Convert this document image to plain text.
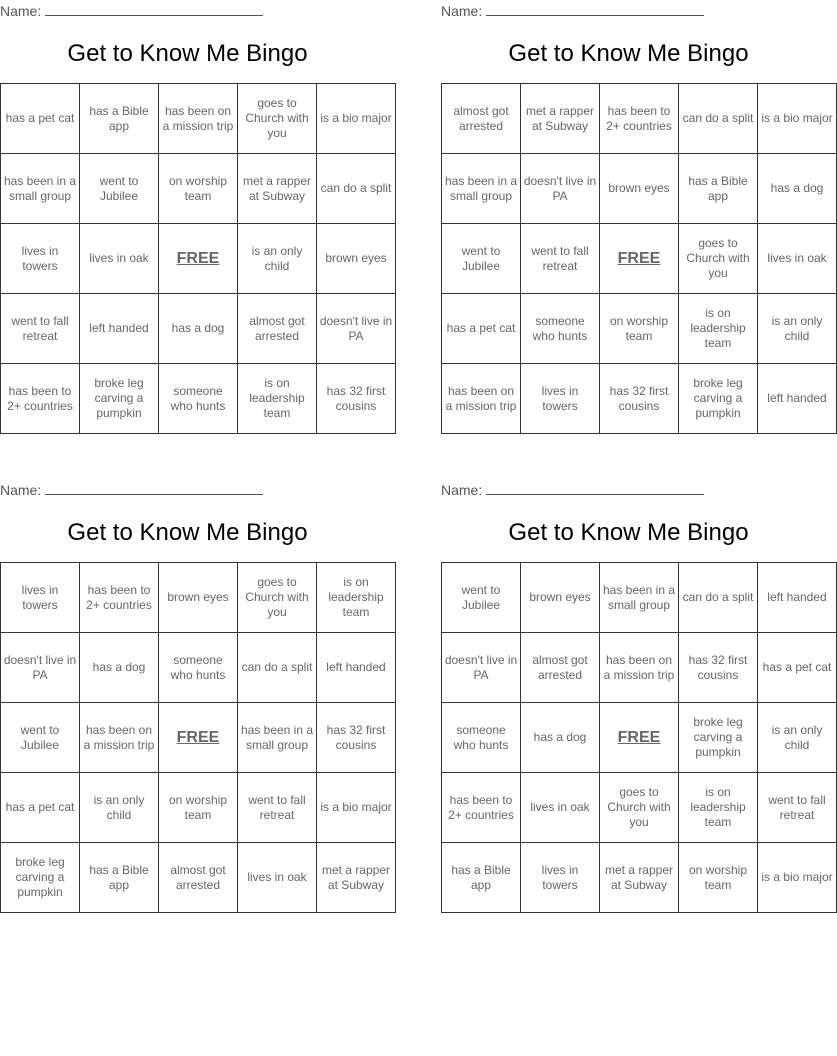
Name:
Get to Know Me Bingo
has a pet cat	has a Bible app	has been on a mission trip	goes to Church with you	is a bio major
has been in a small group	went to Jubilee	on worship team	met a rapper at Subway	can do a split
lives in towers	lives in oak	FREE	is an only child	brown eyes
went to fall retreat	left handed	has a dog	almost got arrested	doesn't live in PA
has been to 2+ countries	broke leg carving a pumpkin	someone who hunts	is on leadership team	has 32 first cousins
Name:
Get to Know Me Bingo
almost got arrested	met a rapper at Subway	has been to 2+ countries	can do a split	is a bio major
has been in a small group	doesn't live in PA	brown eyes	has a Bible app	has a dog
went to Jubilee	went to fall retreat	FREE	goes to Church with you	lives in oak
has a pet cat	someone who hunts	on worship team	is on leadership team	is an only child
has been on a mission trip	lives in towers	has 32 first cousins	broke leg carving a pumpkin	left handed
Name:
Get to Know Me Bingo
lives in towers	has been to 2+ countries	brown eyes	goes to Church with you	is on leadership team
doesn't live in PA	has a dog	someone who hunts	can do a split	left handed
went to Jubilee	has been on a mission trip	FREE	has been in a small group	has 32 first cousins
has a pet cat	is an only child	on worship team	went to fall retreat	is a bio major
broke leg carving a pumpkin	has a Bible app	almost got arrested	lives in oak	met a rapper at Subway
Name:
Get to Know Me Bingo
went to Jubilee	brown eyes	has been in a small group	can do a split	left handed
doesn't live in PA	almost got arrested	has been on a mission trip	has 32 first cousins	has a pet cat
someone who hunts	has a dog	FREE	broke leg carving a pumpkin	is an only child
has been to 2+ countries	lives in oak	goes to Church with you	is on leadership team	went to fall retreat
has a Bible app	lives in towers	met a rapper at Subway	on worship team	is a bio major
